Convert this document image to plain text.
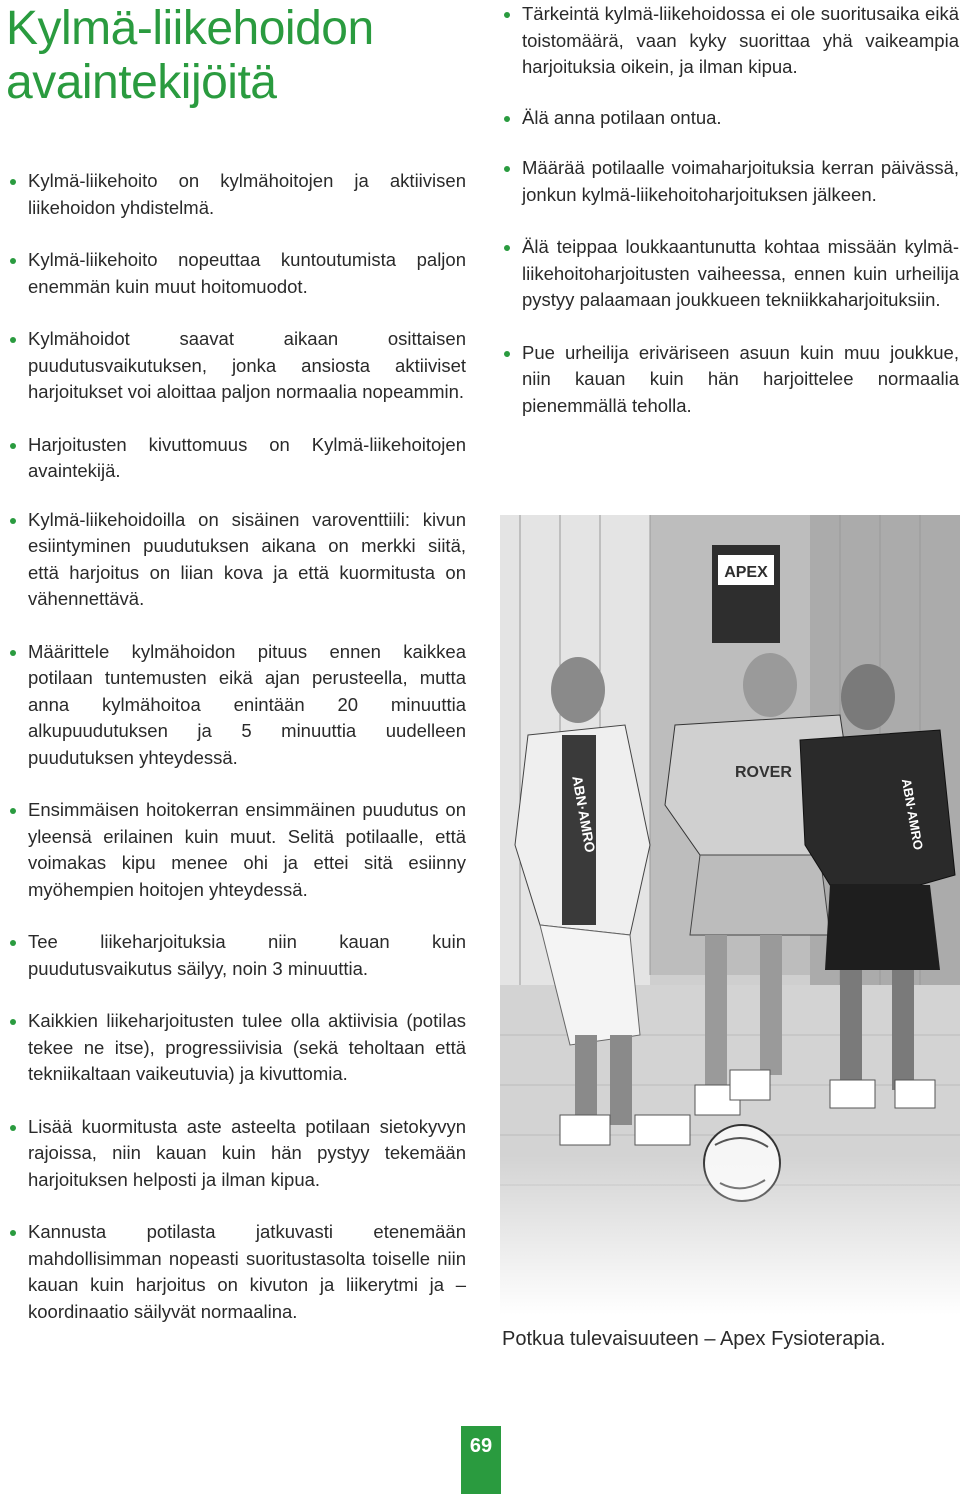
Kylmä-liikehoidon
avaintekijöitä
Kylmä-liikehoito on kylmähoitojen ja aktiivisen liikehoidon yhdistelmä.
Kylmä-liikehoito nopeuttaa kuntoutumista paljon enemmän kuin muut hoitomuodot.
Kylmähoidot saavat aikaan osittaisen puudutusvaikutuksen, jonka ansiosta aktiiviset harjoitukset voi aloittaa paljon normaalia nopeammin.
Harjoitusten kivuttomuus on Kylmä-liikehoitojen avaintekijä.
Kylmä-liikehoidoilla on sisäinen varoventtiili: kivun esiintyminen puudutuksen aikana on merkki siitä, että harjoitus on liian kova ja että kuormitusta on vähennettävä.
Määrittele kylmähoidon pituus ennen kaikkea potilaan tuntemusten eikä ajan perusteella, mutta anna kylmähoitoa enintään 20 minuuttia alkupuudutuksen ja 5 minuuttia uudelleen puudutuksen yhteydessä.
Ensimmäisen hoitokerran ensimmäinen puudutus on yleensä erilainen kuin muut. Selitä potilaalle, että voimakas kipu menee ohi ja ettei sitä esiinny myöhempien hoitojen yhteydessä.
Tee liikeharjoituksia niin kauan kuin puudutusvaikutus säilyy, noin 3 minuuttia.
Kaikkien liikeharjoitusten tulee olla aktiivisia (potilas tekee ne itse), progressiivisia (sekä teholtaan että tekniikaltaan vaikeutuvia) ja kivuttomia.
Lisää kuormitusta aste asteelta potilaan sietokyvyn rajoissa, niin kauan kuin hän pystyy tekemään harjoituksen helposti ja ilman kipua.
Kannusta potilasta jatkuvasti etenemään mahdollisimman nopeasti suoritustasolta toiselle niin kauan kuin harjoitus on kivuton ja liikerytmi ja –koordinaatio säilyvät normaalina.
Tärkeintä kylmä-liikehoidossa ei ole suoritusaika eikä toistomäärä, vaan kyky suorittaa yhä vaikeampia harjoituksia oikein, ja ilman kipua.
Älä anna potilaan ontua.
Määrää potilaalle voimaharjoituksia kerran päivässä, jonkun kylmä-liikehoitoharjoituksen jälkeen.
Älä teippaa loukkaantunutta kohtaa missään kylmä-liikehoitoharjoitusten vaiheessa, ennen kuin urheilija pystyy palaamaan joukkueen tekniikkaharjoituksiin.
Pue urheilija eriväriseen asuun kuin muu joukkue, niin kauan kuin hän harjoittelee normaalia pienemmällä teholla.
APEX
ABN·AMRO
ROVER
ABN·AMRO

Potkua tulevaisuuteen – Apex Fysioterapia.

69
